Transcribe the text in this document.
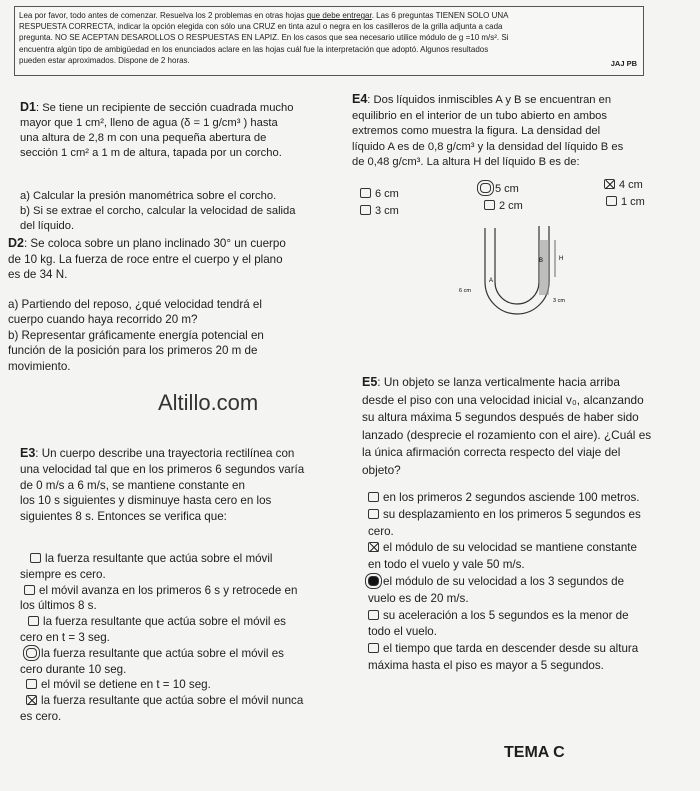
Lea por favor, todo antes de comenzar. Resuelva los 2 problemas en otras hojas que debe entregar. Las 6 preguntas TIENEN SOLO UNA
RESPUESTA CORRECTA, indicar la opción elegida con sólo una CRUZ en tinta azul o negra en los casilleros de la grilla adjunta a cada
pregunta. NO SE ACEPTAN DESAROLLOS O RESPUESTAS EN LAPIZ. En los casos que sea necesario utilice módulo de g =10 m/s². Si
encuentra algún tipo de ambigüedad en los enunciados aclare en las hojas cuál fue la interpretación que adoptó. Algunos resultados
pueden estar aproximados. Dispone de 2 horas.	JAJ PB
D1: Se tiene un recipiente de sección cuadrada mucho
mayor que 1 cm², lleno de agua (δ = 1 g/cm³ ) hasta
una altura de 2,8 m con una pequeña abertura de
sección 1 cm² a 1 m de altura, tapada por un corcho.
a) Calcular la presión manométrica sobre el corcho.
b) Si se extrae el corcho, calcular la velocidad de salida
del líquido.
D2: Se coloca sobre un plano inclinado 30° un cuerpo
de 10 kg. La fuerza de roce entre el cuerpo y el plano
es de 34 N.
a) Partiendo del reposo, ¿qué velocidad tendrá el
cuerpo cuando haya recorrido 20 m?
b) Representar gráficamente energía potencial en
función de la posición para los primeros 20 m de
movimiento.
Altillo.com
E3: Un cuerpo describe una trayectoria rectilínea con
una velocidad tal que en los primeros 6 segundos varía
de 0 m/s a 6 m/s, se mantiene constante en
los 10 s siguientes y disminuye hasta cero en los
siguientes 8 s. Entonces se verifica que:
la fuerza resultante que actúa sobre el móvil
siempre es cero.
el móvil avanza en los primeros 6 s y retrocede en
los últimos 8 s.
la fuerza resultante que actúa sobre el móvil es
cero en t = 3 seg.
la fuerza resultante que actúa sobre el móvil es
cero durante 10 seg.
el móvil se detiene en t = 10 seg.
la fuerza resultante que actúa sobre el móvil nunca
es cero.
E4: Dos líquidos inmiscibles A y B se encuentran en
equilibrio en el interior de un tubo abierto en ambos
extremos como muestra la figura. La densidad del
líquido A es de 0,8 g/cm³ y la densidad del líquido B es
de 0,48 g/cm³. La altura H del líquido B es de:
6 cm	5 cm	4 cm
3 cm	2 cm	1 cm
B	H
A
6 cm
3 cm
E5: Un objeto se lanza verticalmente hacia arriba
desde el piso con una velocidad inicial v₀, alcanzando
su altura máxima 5 segundos después de haber sido
lanzado (desprecie el rozamiento con el aire). ¿Cuál es
la única afirmación correcta respecto del viaje del
objeto?
en los primeros 2 segundos asciende 100 metros.
su desplazamiento en los primeros 5 segundos es
cero.
el módulo de su velocidad se mantiene constante
en todo el vuelo y vale 50 m/s.
el módulo de su velocidad a los 3 segundos de
vuelo es de 20 m/s.
su aceleración a los 5 segundos es la menor de
todo el vuelo.
el tiempo que tarda en descender desde su altura
máxima hasta el piso es mayor a 5 segundos.
TEMA C
